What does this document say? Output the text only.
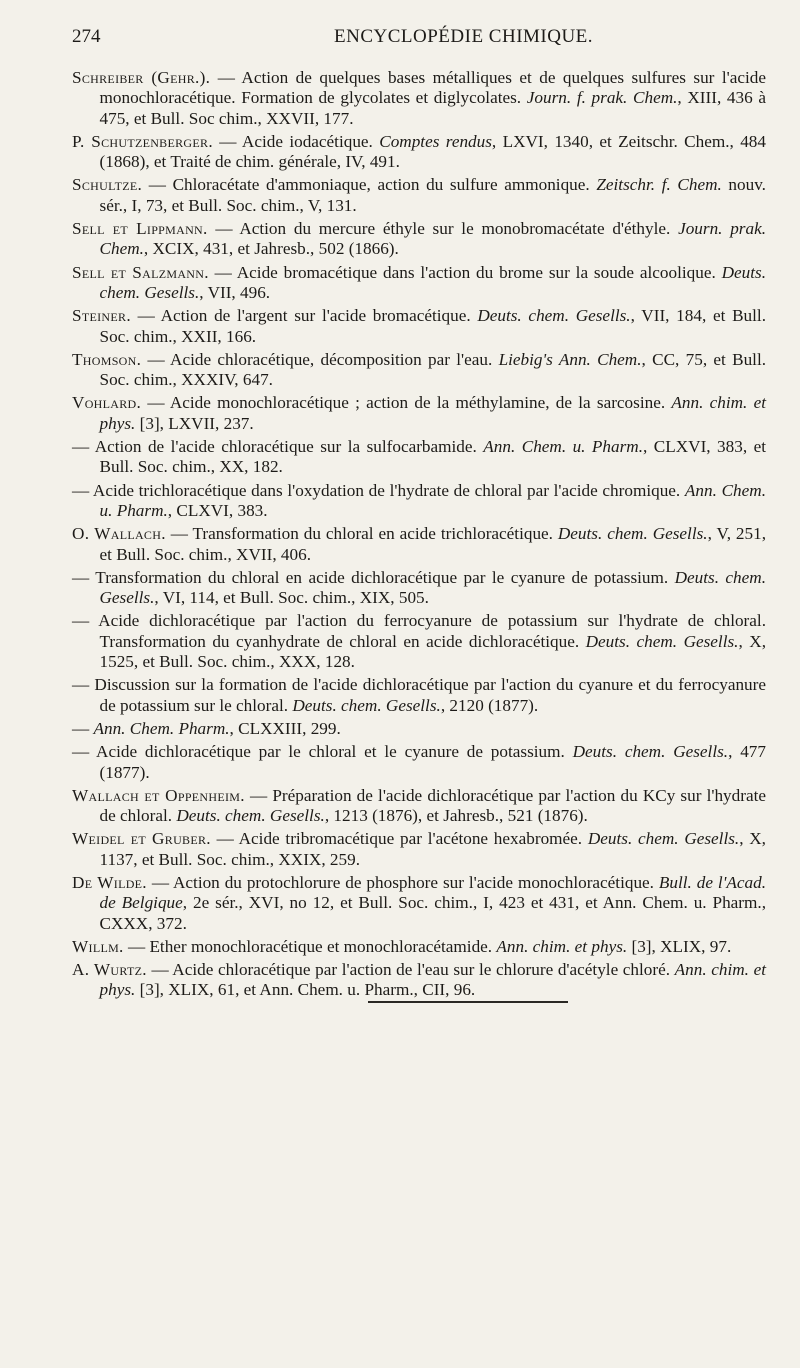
274	ENCYCLOPÉDIE CHIMIQUE.

Schreiber (Gehr.). — Action de quelques bases métalliques et de quelques sulfures sur l'acide monochloracétique. Formation de glycolates et diglycolates. Journ. f. prak. Chem., XIII, 436 à 475, et Bull. Soc chim., XXVII, 177.

P. Schutzenberger. — Acide iodacétique. Comptes rendus, LXVI, 1340, et Zeitschr. Chem., 484 (1868), et Traité de chim. générale, IV, 491.

Schultze. — Chloracétate d'ammoniaque, action du sulfure ammonique. Zeitschr. f. Chem. nouv. sér., I, 73, et Bull. Soc. chim., V, 131.

Sell et Lippmann. — Action du mercure éthyle sur le monobromacétate d'éthyle. Journ. prak. Chem., XCIX, 431, et Jahresb., 502 (1866).

Sell et Salzmann. — Acide bromacétique dans l'action du brome sur la soude alcoolique. Deuts. chem. Gesells., VII, 496.

Steiner. — Action de l'argent sur l'acide bromacétique. Deuts. chem. Gesells., VII, 184, et Bull. Soc. chim., XXII, 166.

Thomson. — Acide chloracétique, décomposition par l'eau. Liebig's Ann. Chem., CC, 75, et Bull. Soc. chim., XXXIV, 647.

Vohlard. — Acide monochloracétique ; action de la méthylamine, de la sarcosine. Ann. chim. et phys. [3], LXVII, 237.

— Action de l'acide chloracétique sur la sulfocarbamide. Ann. Chem. u. Pharm., CLXVI, 383, et Bull. Soc. chim., XX, 182.

— Acide trichloracétique dans l'oxydation de l'hydrate de chloral par l'acide chromique. Ann. Chem. u. Pharm., CLXVI, 383.

O. Wallach. — Transformation du chloral en acide trichloracétique. Deuts. chem. Gesells., V, 251, et Bull. Soc. chim., XVII, 406.

— Transformation du chloral en acide dichloracétique par le cyanure de potassium. Deuts. chem. Gesells., VI, 114, et Bull. Soc. chim., XIX, 505.

— Acide dichloracétique par l'action du ferrocyanure de potassium sur l'hydrate de chloral. Transformation du cyanhydrate de chloral en acide dichloracétique. Deuts. chem. Gesells., X, 1525, et Bull. Soc. chim., XXX, 128.

— Discussion sur la formation de l'acide dichloracétique par l'action du cyanure et du ferrocyanure de potassium sur le chloral. Deuts. chem. Gesells., 2120 (1877).

— Ann. Chem. Pharm., CLXXIII, 299.

— Acide dichloracétique par le chloral et le cyanure de potassium. Deuts. chem. Gesells., 477 (1877).

Wallach et Oppenheim. — Préparation de l'acide dichloracétique par l'action du KCy sur l'hydrate de chloral. Deuts. chem. Gesells., 1213 (1876), et Jahresb., 521 (1876).

Weidel et Gruber. — Acide tribromacétique par l'acétone hexabromée. Deuts. chem. Gesells., X, 1137, et Bull. Soc. chim., XXIX, 259.

De Wilde. — Action du protochlorure de phosphore sur l'acide monochloracétique. Bull. de l'Acad. de Belgique, 2e sér., XVI, no 12, et Bull. Soc. chim., I, 423 et 431, et Ann. Chem. u. Pharm., CXXX, 372.

Willm. — Ether monochloracétique et monochloracétamide. Ann. chim. et phys. [3], XLIX, 97.

A. Wurtz. — Acide chloracétique par l'action de l'eau sur le chlorure d'acétyle chloré. Ann. chim. et phys. [3], XLIX, 61, et Ann. Chem. u. Pharm., CII, 96.
